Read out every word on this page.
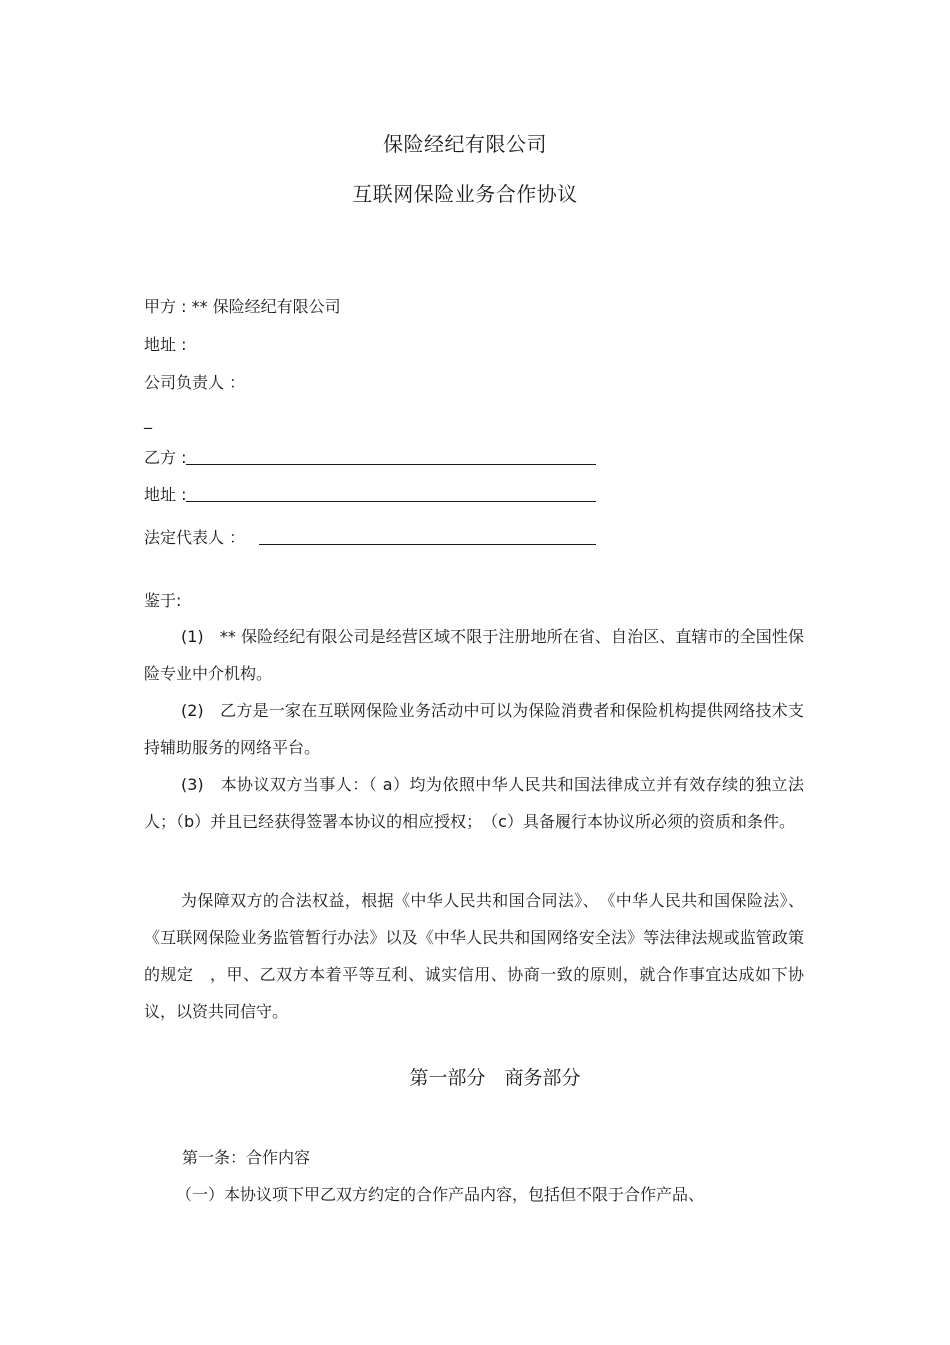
保险经纪有限公司
互联网保险业务合作协议
甲方 : ** 保险经纪有限公司
地址 :
公司负责人 ：
_
乙方 :
地址 :
法定代表人 ：
鉴于:
(1)　** 保险经纪有限公司是经营区域不限于注册地所在省、自治区、直辖市的全国性保险专业中介机构。
(2)　乙方是一家在互联网保险业务活动中可以为保险消费者和保险机构提供网络技术支持辅助服务的网络平台。
(3)　本协议双方当事人：（ a）均为依照中华人民共和国法律成立并有效存续的独立法人；（b）并且已经获得签署本协议的相应授权；　（c）具备履行本协议所必须的资质和条件。
为保障双方的合法权益，根据《中华人民共和国合同法》、　《中华人民共和国保险法》、《互联网保险业务监管暂行办法》以及《中华人民共和国网络安全法》等法律法规或监管政策的规定　，甲、乙双方本着平等互利、诚实信用、协商一致的原则，就合作事宜达成如下协议，以资共同信守。
第一部分　商务部分
第一条：合作内容
（一）本协议项下甲乙双方约定的合作产品内容，包括但不限于合作产品、
